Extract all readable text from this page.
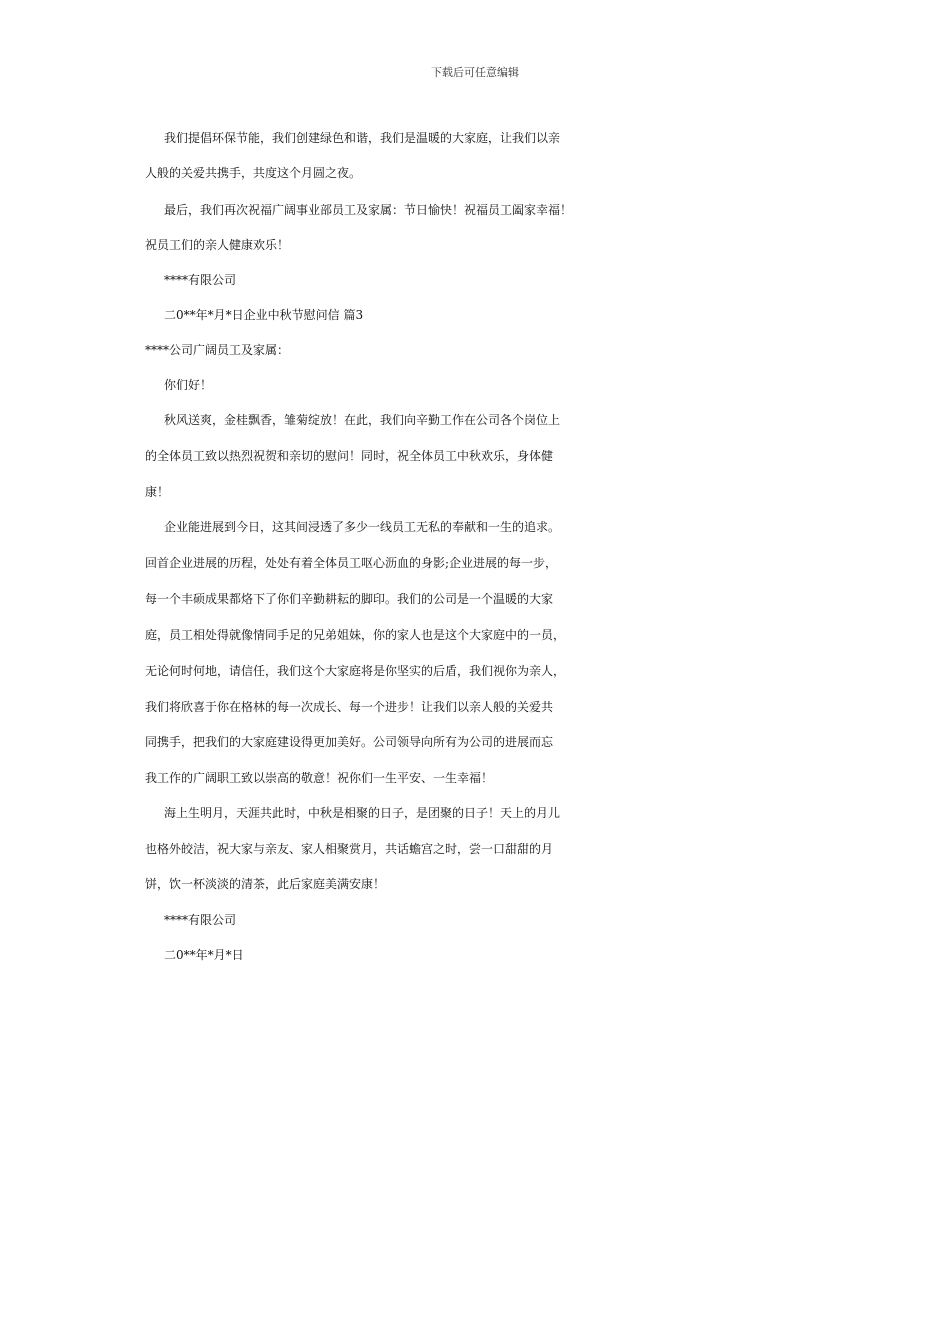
下载后可任意编辑
我们提倡环保节能，我们创建绿色和谐，我们是温暖的大家庭，让我们以亲
人般的关爱共携手，共度这个月圆之夜。
最后，我们再次祝福广阔事业部员工及家属：节日愉快！祝福员工阖家幸福！
祝员工们的亲人健康欢乐！
****有限公司
二0**年*月*日企业中秋节慰问信 篇3
****公司广阔员工及家属：
你们好！
秋风送爽，金桂飘香，雏菊绽放！在此，我们向辛勤工作在公司各个岗位上
的全体员工致以热烈祝贺和亲切的慰问！同时，祝全体员工中秋欢乐，身体健
康！
企业能进展到今日，这其间浸透了多少一线员工无私的奉献和一生的追求。
回首企业进展的历程，处处有着全体员工呕心沥血的身影;企业进展的每一步，
每一个丰硕成果都烙下了你们辛勤耕耘的脚印。我们的公司是一个温暖的大家
庭，员工相处得就像情同手足的兄弟姐妹，你的家人也是这个大家庭中的一员，
无论何时何地，请信任，我们这个大家庭将是你坚实的后盾，我们视你为亲人，
我们将欣喜于你在格林的每一次成长、每一个进步！让我们以亲人般的关爱共
同携手，把我们的大家庭建设得更加美好。公司领导向所有为公司的进展而忘
我工作的广阔职工致以崇高的敬意！祝你们一生平安、一生幸福！
海上生明月，天涯共此时，中秋是相聚的日子，是团聚的日子！天上的月儿
也格外皎洁，祝大家与亲友、家人相聚赏月，共话蟾宫之时，尝一口甜甜的月
饼，饮一杯淡淡的清茶，此后家庭美满安康！
****有限公司
二0**年*月*日
